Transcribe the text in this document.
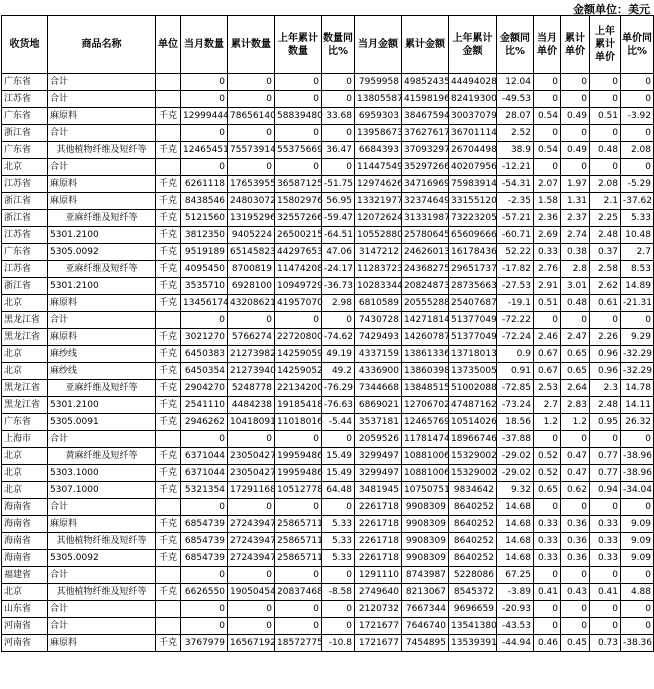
金额单位：美元
收货地	商品名称	单位	当月数量	累计数量	上年累计数量	数量同比%	当月金额	累计金额	上年累计金额	金额同比%	当月单价	累计单价	上年累计单价	单价同比%
广东省	合计		0	0	0	0	7959958	49852435	44494028	12.04	0	0	0	0
江苏省	合计		0	0	0	0	13805587	41598196	82419300	-49.53	0	0	0	0
广东省	麻原料	千克	12999444	78656140	58839480	33.68	6959303	38467594	30037079	28.07	0.54	0.49	0.51	-3.92
浙江省	合计		0	0	0	0	13958673	37627617	36701114	2.52	0	0	0	0
广东省	其他植物纤维及短纤等	千克	12465451	75573914	55375669	36.47	6684393	37093297	26704498	38.9	0.54	0.49	0.48	2.08
北京	合计		0	0	0	0	11447549	35297266	40207956	-12.21	0	0	0	0
江苏省	麻原料	千克	6261118	17653955	36587125	-51.75	12974626	34716969	75983914	-54.31	2.07	1.97	2.08	-5.29
浙江省	麻原料	千克	8438546	24803072	15802976	56.95	13321977	32374649	33155120	-2.35	1.58	1.31	2.1	-37.62
浙江省	亚麻纤维及短纤等	千克	5121560	13195296	32557266	-59.47	12072624	31331987	73223205	-57.21	2.36	2.37	2.25	5.33
江苏省	5301.2100	千克	3812350	9405224	26500215	-64.51	10552880	25780645	65609666	-60.71	2.69	2.74	2.48	10.48
广东省	5305.0092	千克	9519189	65145823	44297653	47.06	3147212	24626013	16178436	52.22	0.33	0.38	0.37	2.7
江苏省	亚麻纤维及短纤等	千克	4095450	8700819	11474208	-24.17	11283723	24368275	29651737	-17.82	2.76	2.8	2.58	8.53
浙江省	5301.2100	千克	3535710	6928100	10949729	-36.73	10283344	20824873	28735663	-27.53	2.91	3.01	2.62	14.89
北京	麻原料	千克	13456174	43208621	41957070	2.98	6810589	20555288	25407687	-19.1	0.51	0.48	0.61	-21.31
黑龙江省	合计		0	0	0	0	7430728	14271814	51377049	-72.22	0	0	0	0
黑龙江省	麻原料	千克	3021270	5766274	22720800	-74.62	7429493	14260787	51377049	-72.24	2.46	2.47	2.26	9.29
北京	麻纱线	千克	6450383	21273982	14259059	49.19	4337159	13861336	13718013	0.9	0.67	0.65	0.96	-32.29
北京	麻纱线	千克	6450354	21273940	14259052	49.2	4336900	13860398	13735005	0.91	0.67	0.65	0.96	-32.29
黑龙江省	亚麻纤维及短纤等	千克	2904270	5248778	22134200	-76.29	7344668	13848515	51002088	-72.85	2.53	2.64	2.3	14.78
黑龙江省	5301.2100	千克	2541110	4484238	19185418	-76.63	6869021	12706702	47487162	-73.24	2.7	2.83	2.48	14.11
广东省	5305.0091	千克	2946262	10418091	11018016	-5.44	3537181	12465769	10514026	18.56	1.2	1.2	0.95	26.32
上海市	合计		0	0	0	0	2059526	11781474	18966746	-37.88	0	0	0	0
北京	黄麻纤维及短纤等	千克	6371044	23050427	19959486	15.49	3299497	10881006	15329002	-29.02	0.52	0.47	0.77	-38.96
北京	5303.1000	千克	6371044	23050427	19959486	15.49	3299497	10881006	15329002	-29.02	0.52	0.47	0.77	-38.96
北京	5307.1000	千克	5321354	17291168	10512778	64.48	3481945	10750751	9834642	9.32	0.65	0.62	0.94	-34.04
海南省	合计		0	0	0	0	2261718	9908309	8640252	14.68	0	0	0	0
海南省	麻原料	千克	6854739	27243947	25865711	5.33	2261718	9908309	8640252	14.68	0.33	0.36	0.33	9.09
海南省	其他植物纤维及短纤等	千克	6854739	27243947	25865711	5.33	2261718	9908309	8640252	14.68	0.33	0.36	0.33	9.09
海南省	5305.0092	千克	6854739	27243947	25865711	5.33	2261718	9908309	8640252	14.68	0.33	0.36	0.33	9.09
福建省	合计		0	0	0	0	1291110	8743987	5228086	67.25	0	0	0	0
北京	其他植物纤维及短纤等	千克	6626550	19050454	20837468	-8.58	2749640	8213067	8545372	-3.89	0.41	0.43	0.41	4.88
山东省	合计		0	0	0	0	2120732	7667344	9696659	-20.93	0	0	0	0
河南省	合计		0	0	0	0	1721677	7646740	13541380	-43.53	0	0	0	0
河南省	麻原料	千克	3767979	16567192	18572775	-10.8	1721677	7454895	13539391	-44.94	0.46	0.45	0.73	-38.36
